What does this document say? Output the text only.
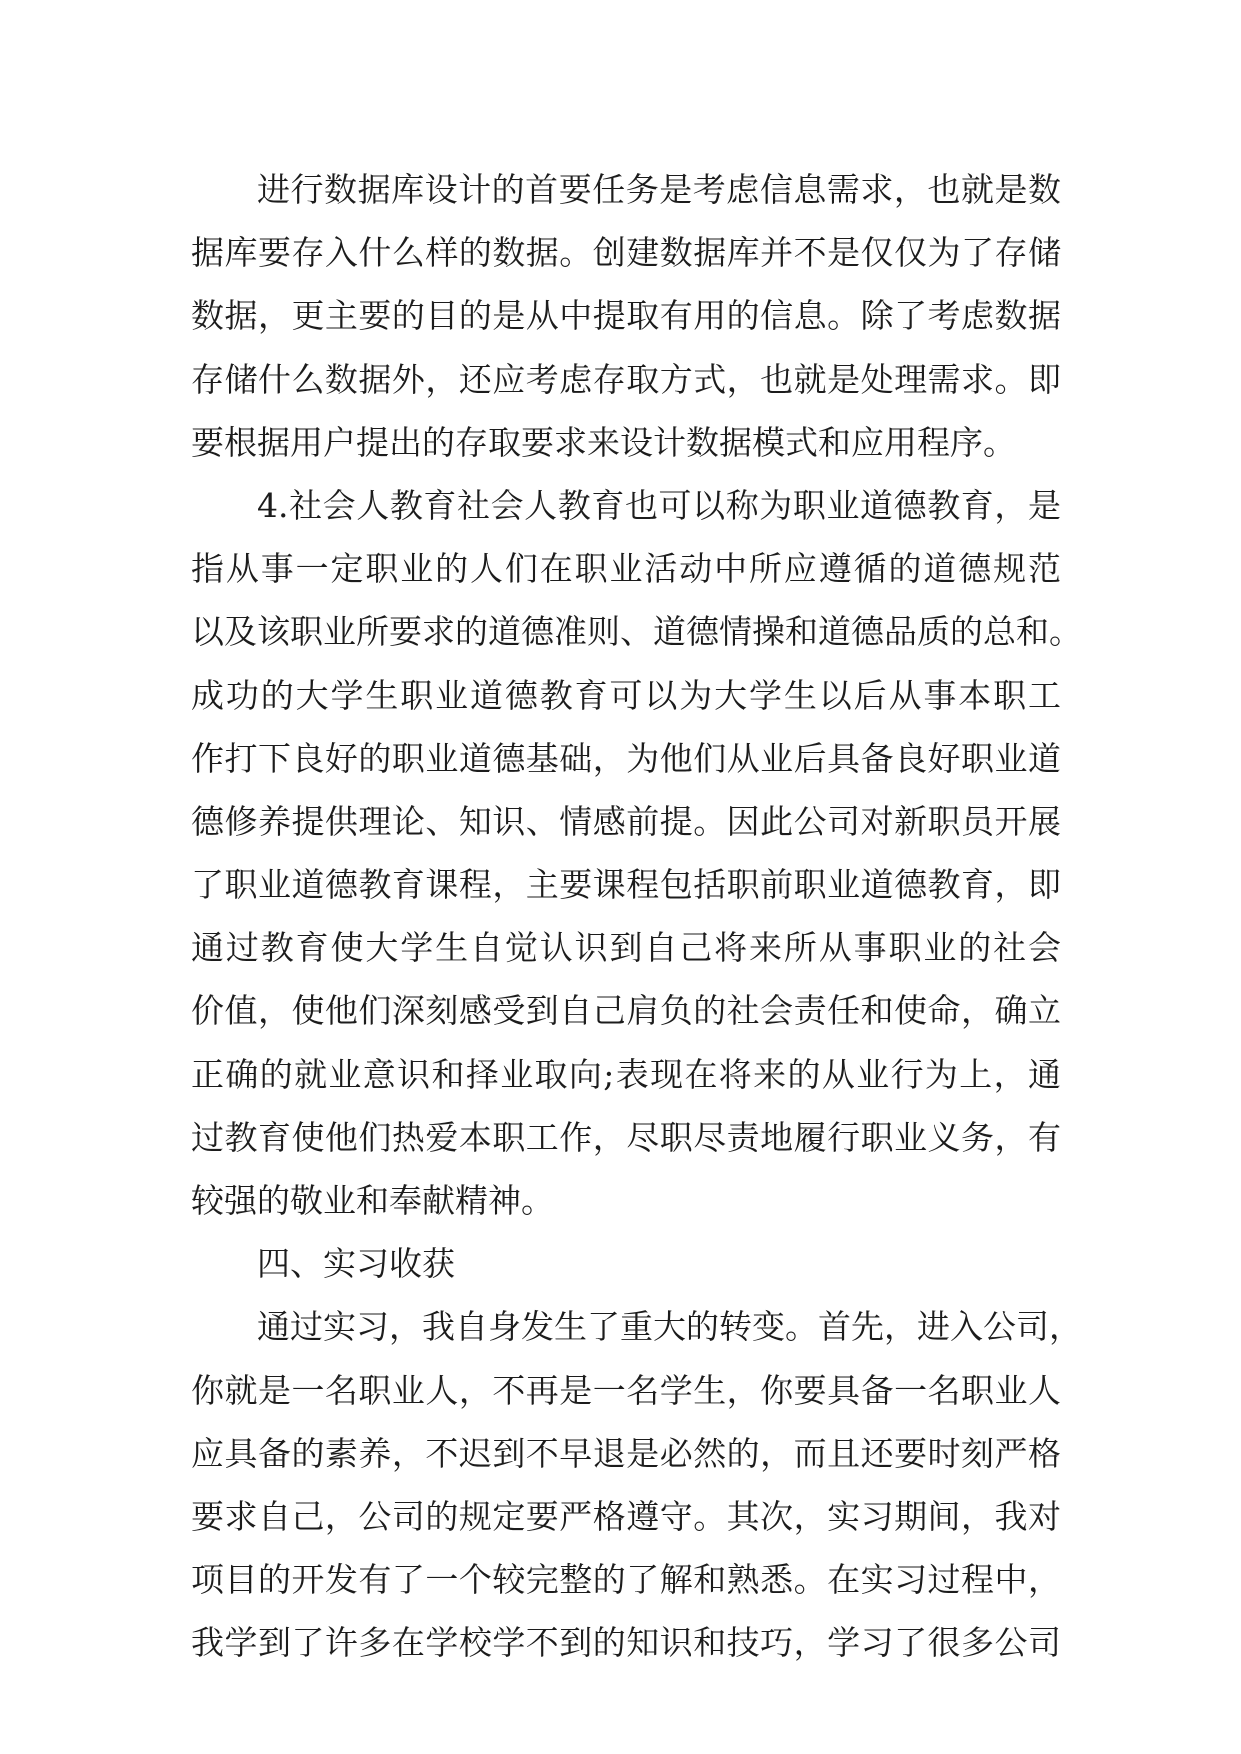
进行数据库设计的首要任务是考虑信息需求，也就是数
据库要存入什么样的数据。创建数据库并不是仅仅为了存储
数据，更主要的目的是从中提取有用的信息。除了考虑数据
存储什么数据外，还应考虑存取方式，也就是处理需求。即
要根据用户提出的存取要求来设计数据模式和应用程序。
4.社会人教育社会人教育也可以称为职业道德教育，是
指从事一定职业的人们在职业活动中所应遵循的道德规范
以及该职业所要求的道德准则、道德情操和道德品质的总和。
成功的大学生职业道德教育可以为大学生以后从事本职工
作打下良好的职业道德基础，为他们从业后具备良好职业道
德修养提供理论、知识、情感前提。因此公司对新职员开展
了职业道德教育课程，主要课程包括职前职业道德教育，即
通过教育使大学生自觉认识到自己将来所从事职业的社会
价值，使他们深刻感受到自己肩负的社会责任和使命，确立
正确的就业意识和择业取向;表现在将来的从业行为上，通
过教育使他们热爱本职工作，尽职尽责地履行职业义务，有
较强的敬业和奉献精神。
四、实习收获
通过实习，我自身发生了重大的转变。首先，进入公司，
你就是一名职业人，不再是一名学生，你要具备一名职业人
应具备的素养，不迟到不早退是必然的，而且还要时刻严格
要求自己，公司的规定要严格遵守。其次，实习期间，我对
项目的开发有了一个较完整的了解和熟悉。在实习过程中，
我学到了许多在学校学不到的知识和技巧，学习了很多公司
